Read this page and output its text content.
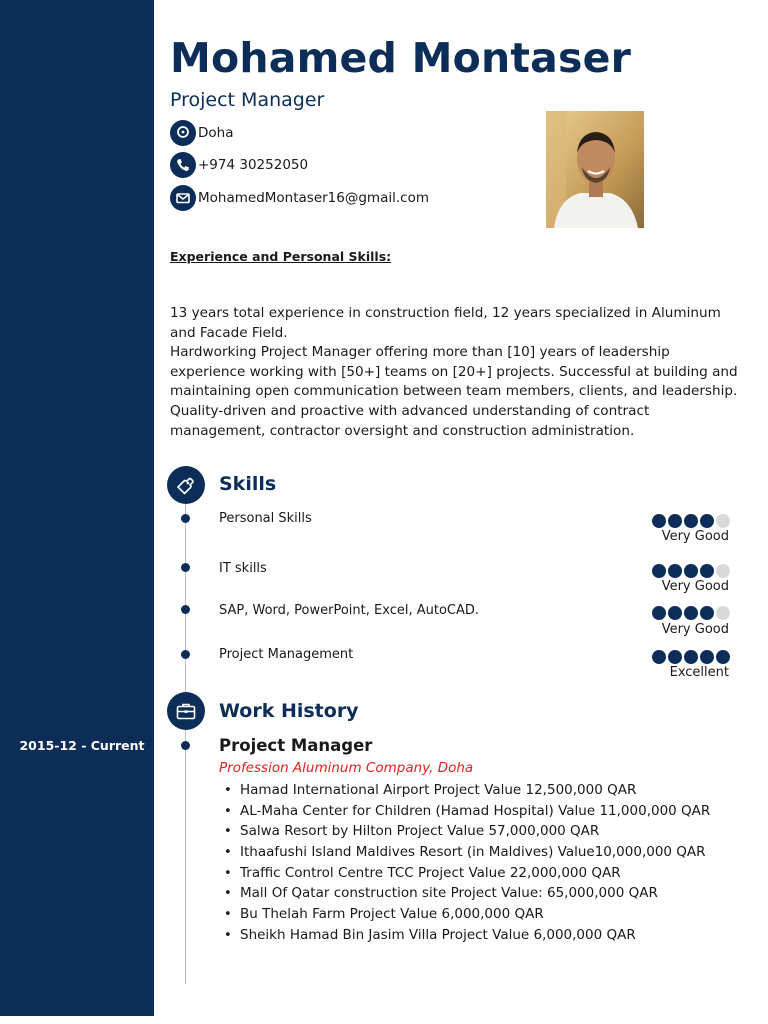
2015-12 - Current
Mohamed Montaser
Project Manager
Doha
+974 30252050
MohamedMontaser16@gmail.com
Experience and Personal Skills:

13 years total experience in construction field, 12 years specialized in Aluminum and Facade Field.

Hardworking Project Manager offering more than [10] years of leadership experience working with [50+] teams on [20+] projects. Successful at building and maintaining open communication between team members, clients, and leadership. Quality-driven and proactive with advanced understanding of contract management, contractor oversight and construction administration.

Skills
Personal Skills
Very Good
IT skills
Very Good
SAP, Word, PowerPoint, Excel, AutoCAD.
Very Good
Project Management
Excellent
Work History
Project Manager
Profession Aluminum Company, Doha
• Hamad International Airport Project Value 12,500,000 QAR
• AL-Maha Center for Children (Hamad Hospital) Value 11,000,000 QAR
• Salwa Resort by Hilton Project Value 57,000,000 QAR
• Ithaafushi Island Maldives Resort (in Maldives) Value10,000,000 QAR
• Traffic Control Centre TCC Project Value 22,000,000 QAR
• Mall Of Qatar construction site Project Value: 65,000,000 QAR
• Bu Thelah Farm Project Value 6,000,000 QAR
• Sheikh Hamad Bin Jasim Villa Project Value 6,000,000 QAR
